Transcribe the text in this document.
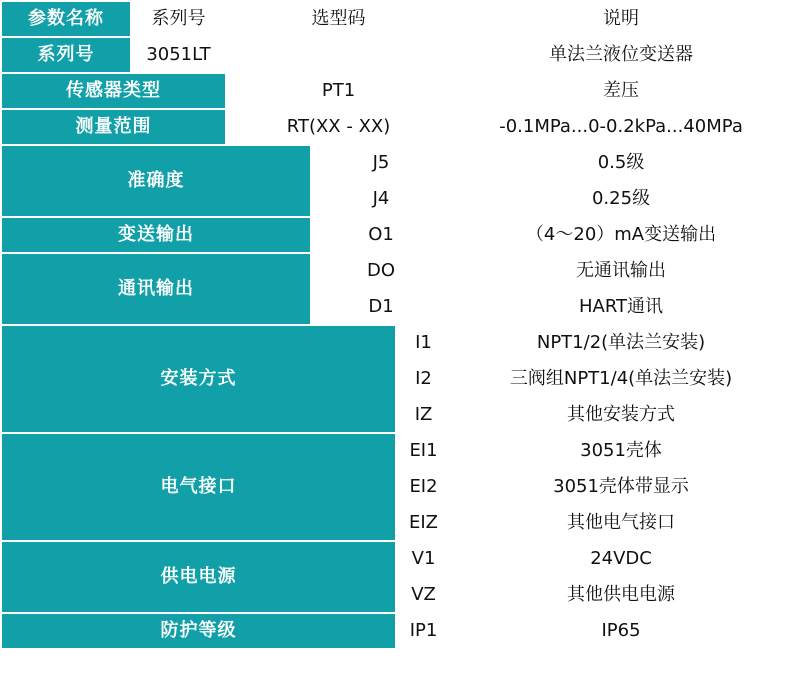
参数名称	系列号	选型码			说明
系列号	3051LT				单法兰液位变送器
传感器类型		PT1			差压
测量范围		RT(XX - XX)			-0.1MPa...0-0.2kPa...40MPa
准确度			J5		0.5级
			J4		0.25级
变送输出			O1		（4～20）mA变送输出
通讯输出			DO		无通讯输出
			D1		HART通讯
安装方式				I1	NPT1/2(单法兰安装)
				I2	三阀组NPT1/4(单法兰安装)
				IZ	其他安装方式
电气接口				EI1	3051壳体
				EI2	3051壳体带显示
				EIZ	其他电气接口
供电电源				V1	24VDC
				VZ	其他供电电源
防护等级				IP1	IP65
